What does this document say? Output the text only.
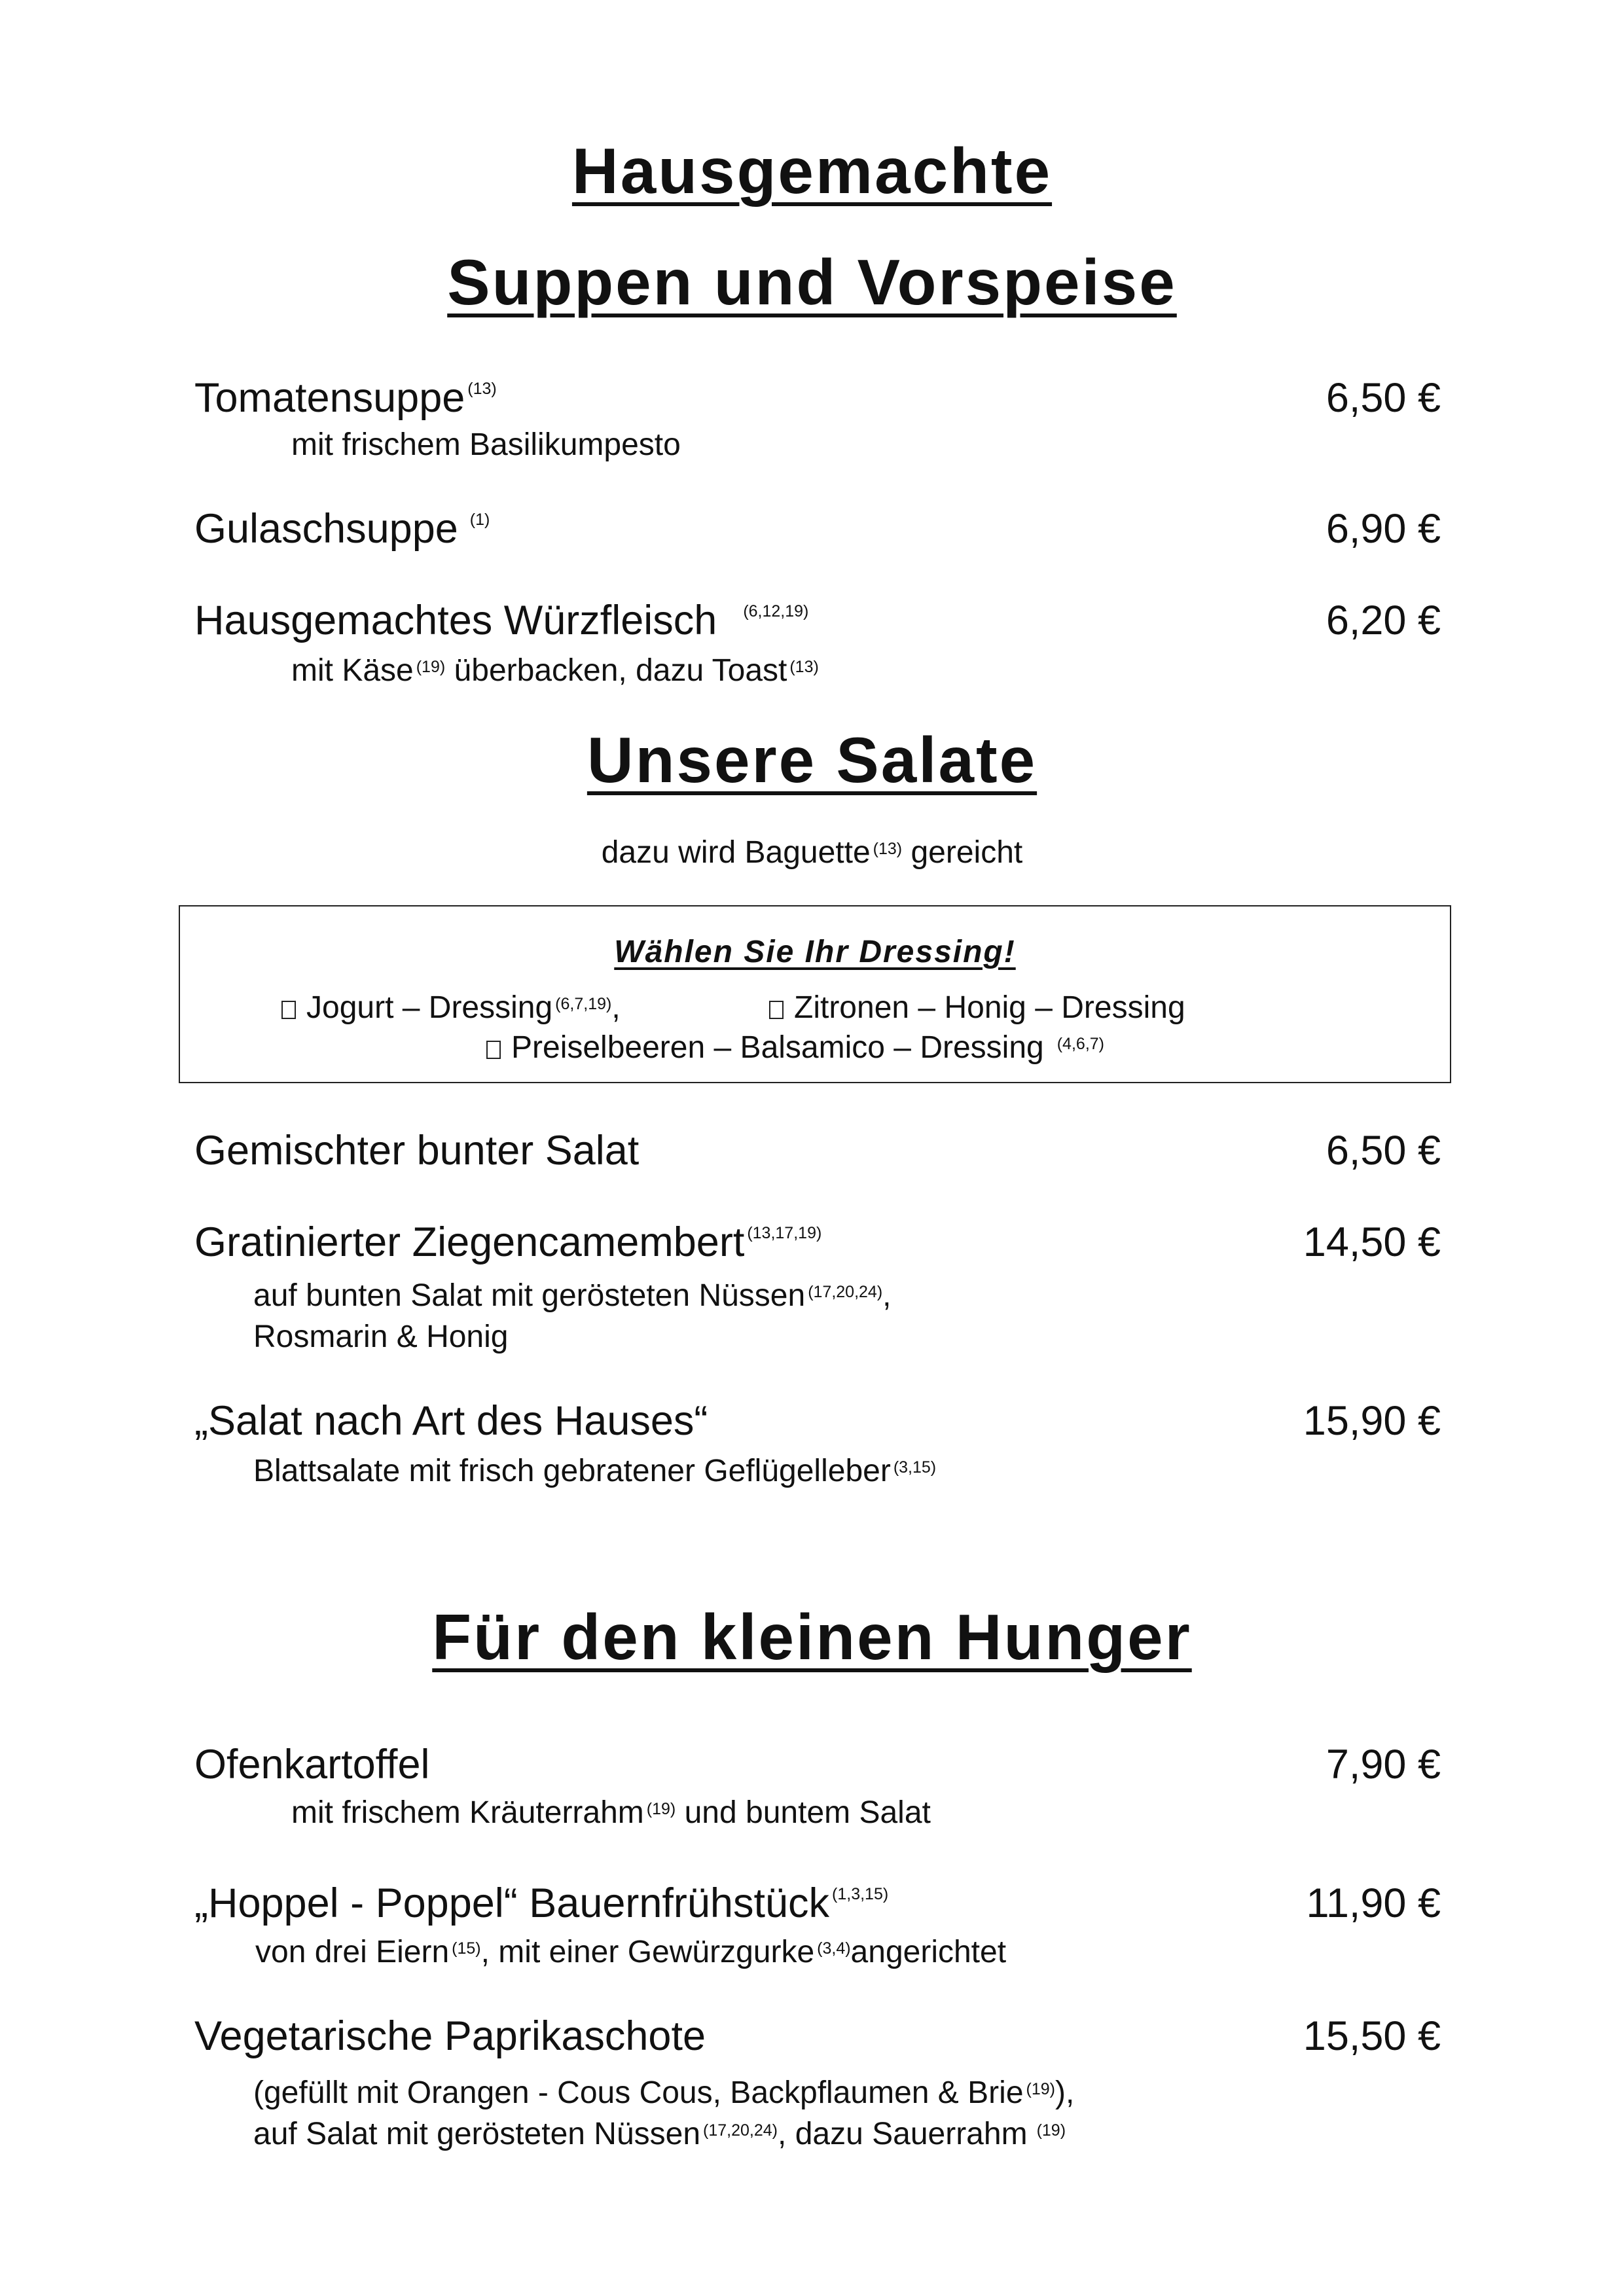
Hausgemachte
Suppen und Vorspeise
Tomatensuppe $^{(13)}$	6,50 €
mit frischem Basilikumpesto
Gulaschsuppe $^{(1)}$	6,90 €
Hausgemachtes Würzfleisch $^{(6,12,19)}$	6,20 €
mit Käse $^{(19)}$ überbacken, dazu Toast $^{(13)}$
Unsere Salate
dazu wird Baguette $^{(13)}$ gereicht
Wählen Sie Ihr Dressing!
Jogurt – Dressing $^{(6,7,19)}$,	Zitronen – Honig – Dressing
Preiselbeeren – Balsamico – Dressing $^{(4,6,7)}$
Gemischter bunter Salat	6,50 €
Gratinierter Ziegencamembert $^{(13,17,19)}$	14,50 €
auf bunten Salat mit gerösteten Nüssen $^{(17,20,24)}$,
Rosmarin & Honig
„Salat nach Art des Hauses“	15,90 €
Blattsalate mit frisch gebratener Geflügelleber $^{(3,15)}$
Für den kleinen Hunger
Ofenkartoffel	7,90 €
mit frischem Kräuterrahm $^{(19)}$ und buntem Salat
„Hoppel - Poppel“ Bauernfrühstück $^{(1,3,15)}$	11,90 €
von drei Eiern $^{(15)}$, mit einer Gewürzgurke $^{(3,4)}$angerichtet
Vegetarische Paprikaschote	15,50 €
(gefüllt mit Orangen - Cous Cous, Backpflaumen & Brie $^{(19)}$),
auf Salat mit gerösteten Nüssen $^{(17,20,24)}$, dazu Sauerrahm $^{(19)}$
